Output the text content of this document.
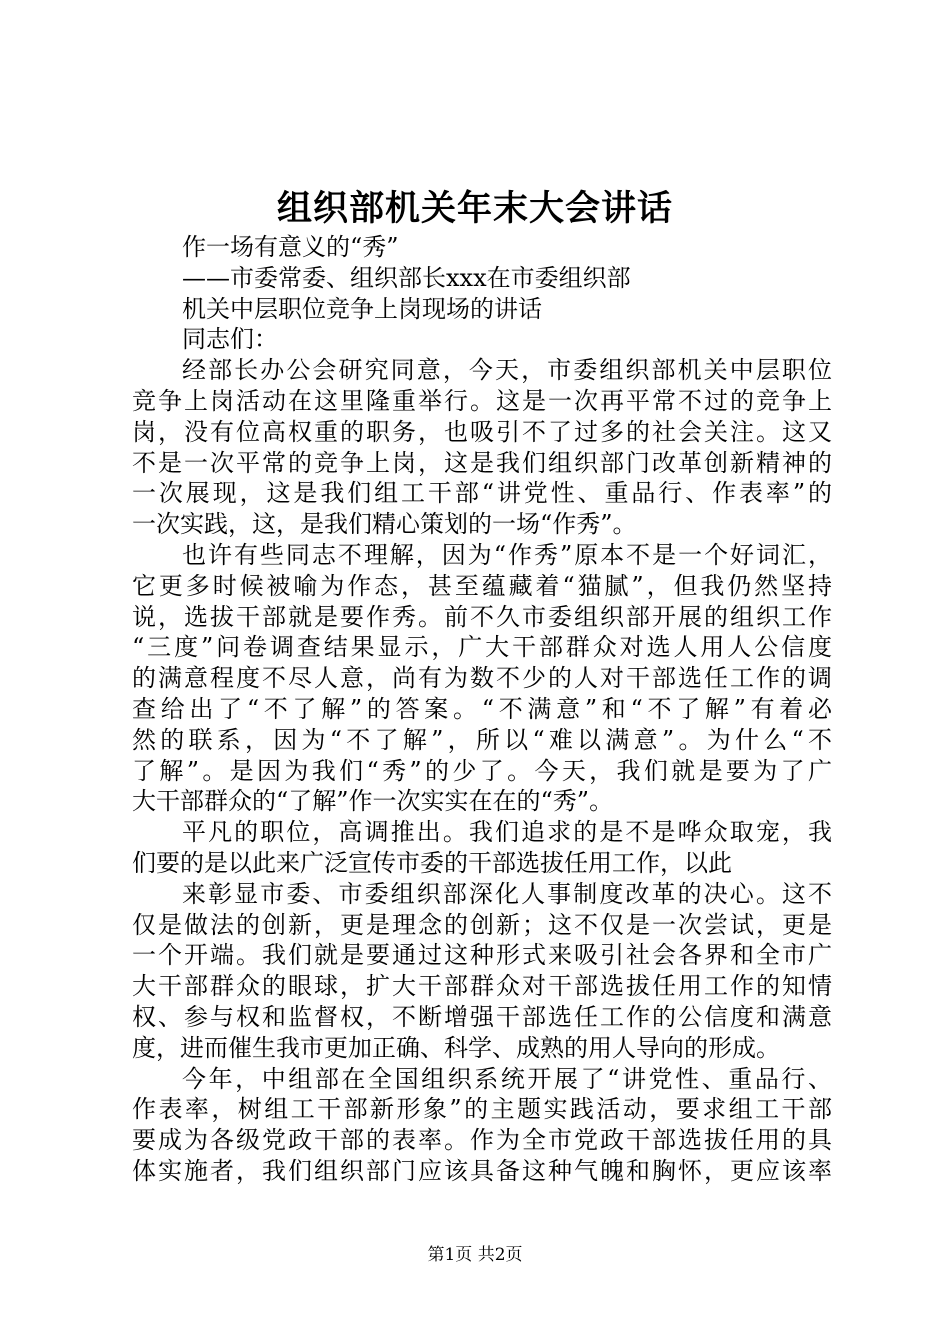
组织部机关年末大会讲话
作一场有意义的“秀”
——市委常委、组织部长xxx在市委组织部
机关中层职位竞争上岗现场的讲话
同志们：
经部长办公会研究同意，今天，市委组织部机关中层职位
竞争上岗活动在这里隆重举行。这是一次再平常不过的竞争上
岗，没有位高权重的职务，也吸引不了过多的社会关注。这又
不是一次平常的竞争上岗，这是我们组织部门改革创新精神的
一次展现，这是我们组工干部“讲党性、重品行、作表率”的
一次实践，这，是我们精心策划的一场“作秀”。
也许有些同志不理解，因为“作秀”原本不是一个好词汇，
它更多时候被喻为作态，甚至蕴藏着“猫腻”，但我仍然坚持
说，选拔干部就是要作秀。前不久市委组织部开展的组织工作
“三度”问卷调查结果显示，广大干部群众对选人用人公信度
的满意程度不尽人意，尚有为数不少的人对干部选任工作的调
查给出了“不了解”的答案。“不满意”和“不了解”有着必
然的联系，因为“不了解”，所以“难以满意”。为什么“不
了解”。是因为我们“秀”的少了。今天，我们就是要为了广
大干部群众的“了解”作一次实实在在的“秀”。
平凡的职位，高调推出。我们追求的是不是哗众取宠，我
们要的是以此来广泛宣传市委的干部选拔任用工作，以此
来彰显市委、市委组织部深化人事制度改革的决心。这不
仅是做法的创新，更是理念的创新；这不仅是一次尝试，更是
一个开端。我们就是要通过这种形式来吸引社会各界和全市广
大干部群众的眼球，扩大干部群众对干部选拔任用工作的知情
权、参与权和监督权，不断增强干部选任工作的公信度和满意
度，进而催生我市更加正确、科学、成熟的用人导向的形成。
今年，中组部在全国组织系统开展了“讲党性、重品行、
作表率，树组工干部新形象”的主题实践活动，要求组工干部
要成为各级党政干部的表率。作为全市党政干部选拔任用的具
体实施者，我们组织部门应该具备这种气魄和胸怀，更应该率
第1页 共2页
